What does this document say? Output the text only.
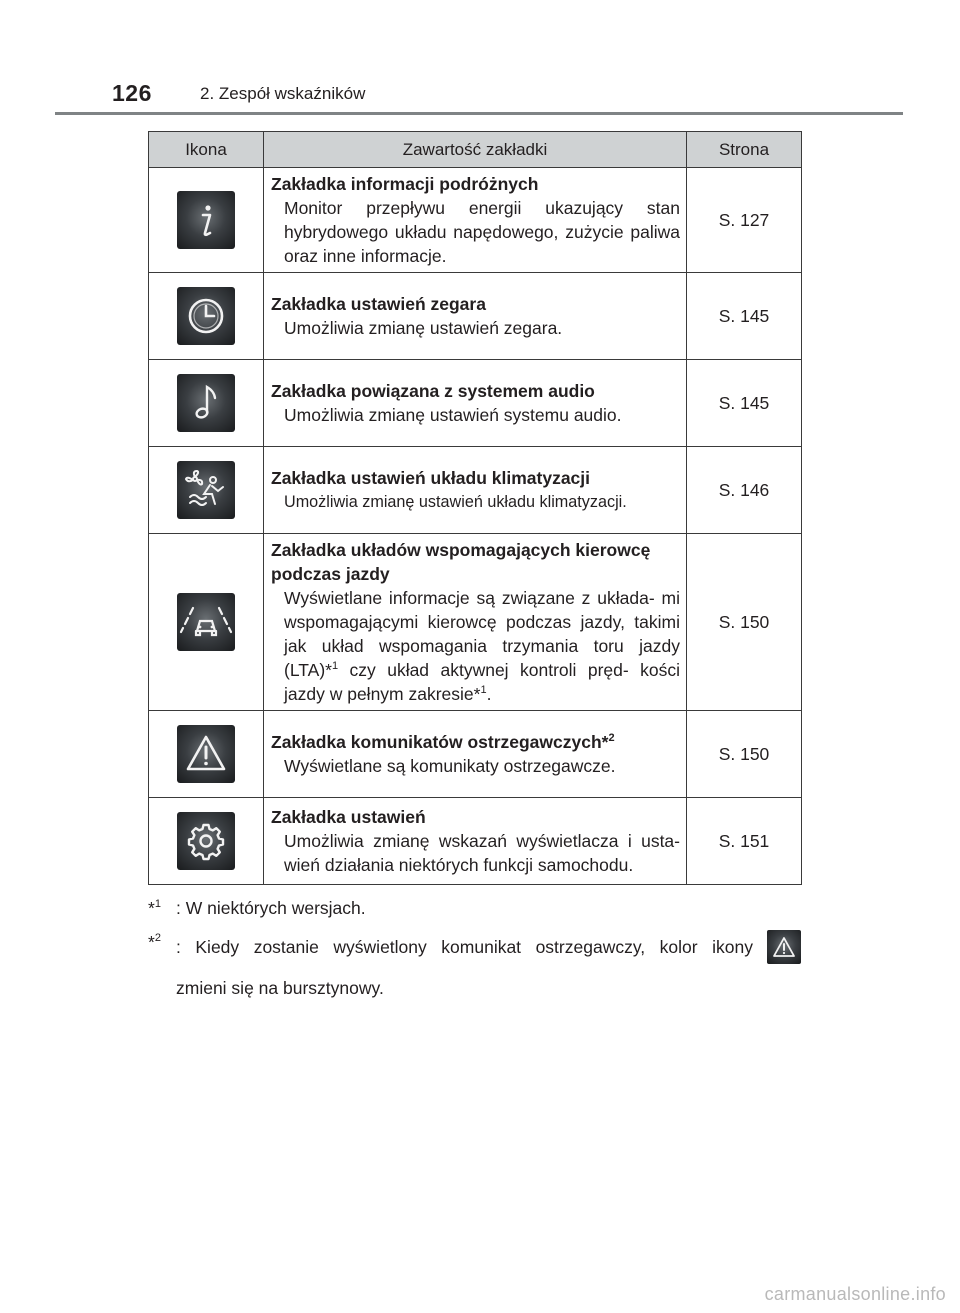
126	2. Zespół wskaźników
Ikona	Zawartość zakładki	Strona

Zakładka informacji podróżnych
Monitor przepływu energii ukazujący stan hybrydowego układu napędowego, zużycie paliwa oraz inne informacje.	S. 127

Zakładka ustawień zegara
Umożliwia zmianę ustawień zegara.	S. 145

Zakładka powiązana z systemem audio
Umożliwia zmianę ustawień systemu audio.	S. 145

Zakładka ustawień układu klimatyzacji
Umożliwia zmianę ustawień układu klimatyzacji.	S. 146

Zakładka układów wspomagających kierowcę podczas jazdy
Wyświetlane informacje są związane z układa- mi wspomagającymi kierowcę podczas jazdy, takimi jak układ wspomagania trzymania toru jazdy (LTA)*$^1$ czy układ aktywnej kontroli pręd- kości jazdy w pełnym zakresie*$^1$.	S. 150

Zakładka komunikatów ostrzegawczych*$^2$
Wyświetlane są komunikaty ostrzegawcze.	S. 150

Zakładka ustawień
Umożliwia zmianę wskazań wyświetlacza i usta- wień działania niektórych funkcji samochodu.	S. 151
*$^1$ : W niektórych wersjach.
*$^2$ : Kiedy zostanie wyświetlony komunikat ostrzegawczy, kolor ikony
zmieni się na bursztynowy.
carmanualsonline.info
